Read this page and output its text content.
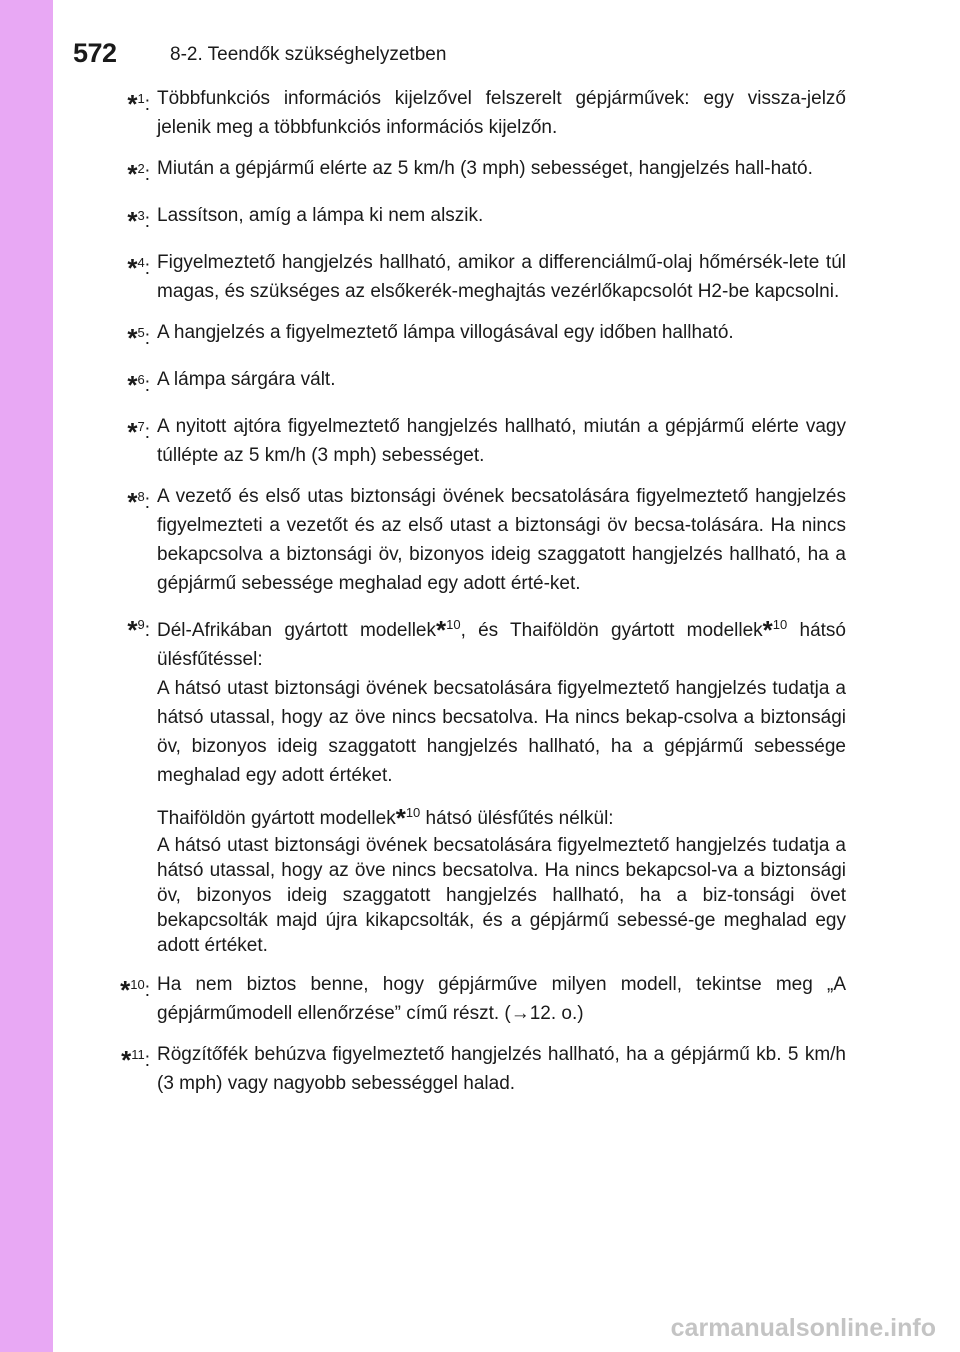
572	8-2. Teendők szükséghelyzetben
*$^1$: Többfunkciós információs kijelzővel felszerelt gépjárművek: egy vissza-jelző jelenik meg a többfunkciós információs kijelzőn.

*$^2$: Miután a gépjármű elérte az 5 km/h (3 mph) sebességet, hangjelzés hall-ható.

*$^3$: Lassítson, amíg a lámpa ki nem alszik.

*$^4$: Figyelmeztető hangjelzés hallható, amikor a differenciálmű-olaj hőmérsék-lete túl magas, és szükséges az elsőkerék-meghajtás vezérlőkapcsolót H2-be kapcsolni.

*$^5$: A hangjelzés a figyelmeztető lámpa villogásával egy időben hallható.

*$^6$: A lámpa sárgára vált.

*$^7$: A nyitott ajtóra figyelmeztető hangjelzés hallható, miután a gépjármű elérte vagy túllépte az 5 km/h (3 mph) sebességet.

*$^8$: A vezető és első utas biztonsági övének becsatolására figyelmeztető hangjelzés figyelmezteti a vezetőt és az első utast a biztonsági öv becsa-tolására. Ha nincs bekapcsolva a biztonsági öv, bizonyos ideig szaggatott hangjelzés hallható, ha a gépjármű sebessége meghalad egy adott érté-ket.

*$^9$: Dél-Afrikában gyártott modellek*$^{10}$, és Thaiföldön gyártott modellek*$^{10}$ hátsó ülésfűtéssel:

A hátsó utast biztonsági övének becsatolására figyelmeztető hangjelzés tudatja a hátsó utassal, hogy az öve nincs becsatolva. Ha nincs bekap-csolva a biztonsági öv, bizonyos ideig szaggatott hangjelzés hallható, ha a gépjármű sebessége meghalad egy adott értéket.

Thaiföldön gyártott modellek*$^{10}$ hátsó ülésfűtés nélkül:

A hátsó utast biztonsági övének becsatolására figyelmeztető hangjelzés tudatja a hátsó utassal, hogy az öve nincs becsatolva. Ha nincs bekapcsol-va a biztonsági öv, bizonyos ideig szaggatott hangjelzés hallható, ha a biz-tonsági övet bekapcsolták majd újra kikapcsolták, és a gépjármű sebessé-ge meghalad egy adott értéket.

*$^{10}$: Ha nem biztos benne, hogy gépjárműve milyen modell, tekintse meg „A gépjárműmodell ellenőrzése” című részt. (→12. o.)

*$^{11}$: Rögzítőfék behúzva figyelmeztető hangjelzés hallható, ha a gépjármű kb. 5 km/h (3 mph) vagy nagyobb sebességgel halad.

carmanualsonline.info
